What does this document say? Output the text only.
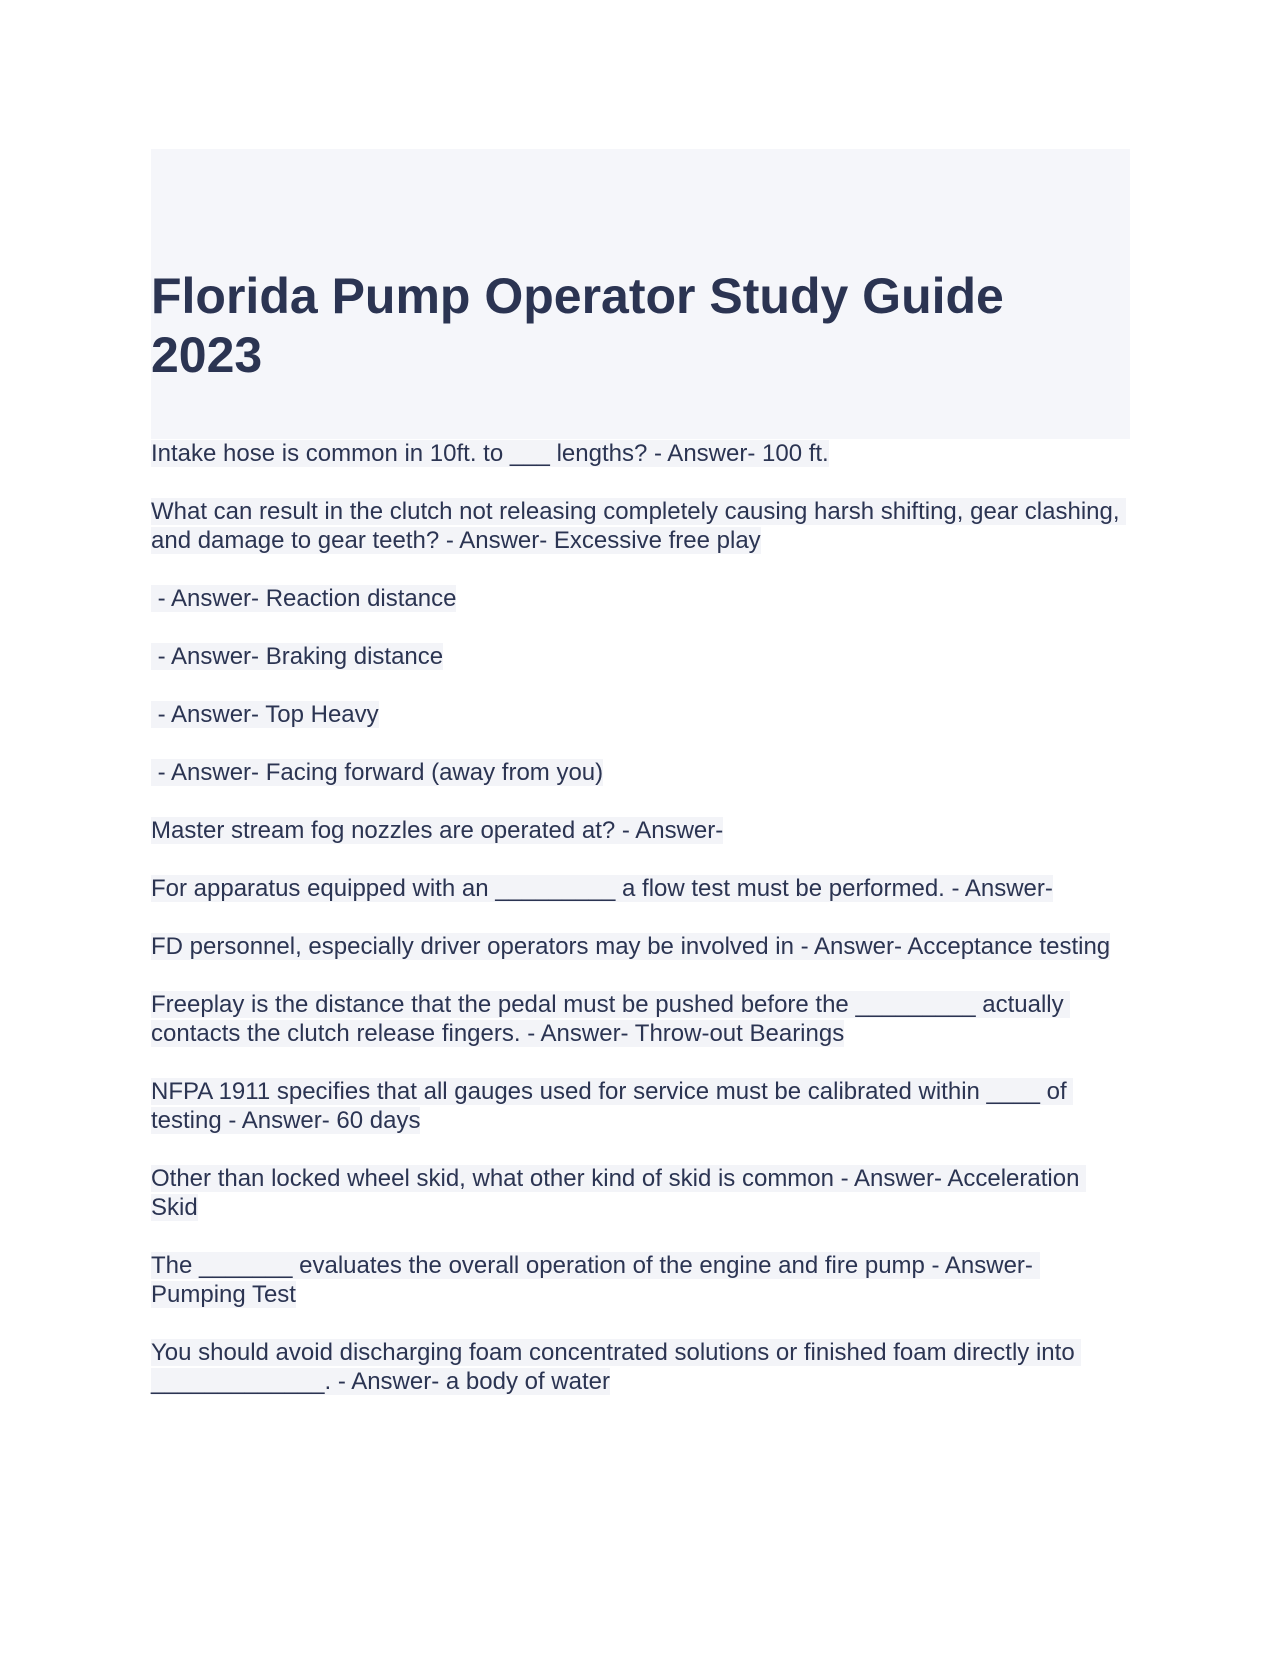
Florida Pump Operator Study Guide
2023

Intake hose is common in 10ft. to ___ lengths? - Answer- 100 ft.

What can result in the clutch not releasing completely causing harsh shifting, gear clashing, and damage to gear teeth? - Answer- Excessive free play

- Answer- Reaction distance

- Answer- Braking distance

- Answer- Top Heavy

- Answer- Facing forward (away from you)

Master stream fog nozzles are operated at? - Answer-

For apparatus equipped with an _________ a flow test must be performed. - Answer-

FD personnel, especially driver operators may be involved in - Answer- Acceptance testing

Freeplay is the distance that the pedal must be pushed before the _________ actually contacts the clutch release fingers. - Answer- Throw-out Bearings

NFPA 1911 specifies that all gauges used for service must be calibrated within ____ of testing - Answer- 60 days

Other than locked wheel skid, what other kind of skid is common - Answer- Acceleration Skid

The _______ evaluates the overall operation of the engine and fire pump - Answer- Pumping Test

You should avoid discharging foam concentrated solutions or finished foam directly into _____________. - Answer- a body of water
